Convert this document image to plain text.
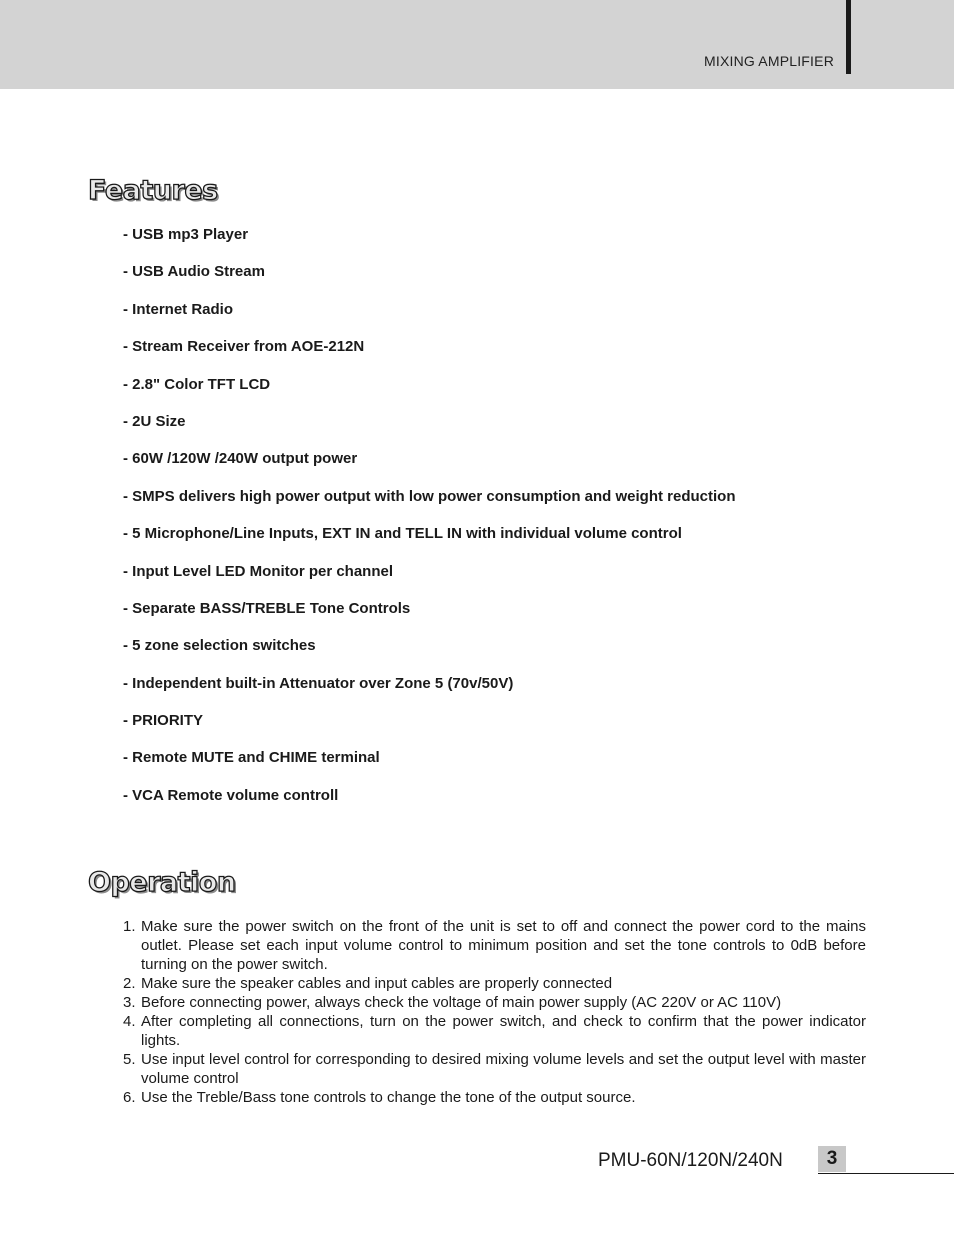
MIXING AMPLIFIER
Features
- USB mp3 Player
- USB Audio Stream
- Internet Radio
- Stream Receiver from AOE-212N
- 2.8" Color TFT LCD
- 2U Size
- 60W /120W /240W output power
- SMPS delivers high power output with low power consumption and weight reduction
- 5 Microphone/Line Inputs, EXT IN and TELL IN with individual volume control
- Input Level LED Monitor per channel
- Separate BASS/TREBLE Tone Controls
- 5 zone selection switches
- Independent built-in Attenuator over Zone 5 (70v/50V)
- PRIORITY
- Remote MUTE and CHIME terminal
- VCA Remote volume controll
Operation
1. Make sure the power switch on the front of the unit is set to off and connect the power cord to the mains outlet. Please set each input volume control to minimum position and set the tone controls to 0dB before turning on the power switch.
2. Make sure the speaker cables and input cables are properly connected
3. Before connecting power, always check the voltage of main power supply (AC 220V or AC 110V)
4. After completing all connections, turn on the power switch, and check to confirm that the power indicator lights.
5. Use input level control for corresponding to desired mixing volume levels and set the output level with master volume control
6. Use the Treble/Bass tone controls to change the tone of the output source.
PMU-60N/120N/240N	3
